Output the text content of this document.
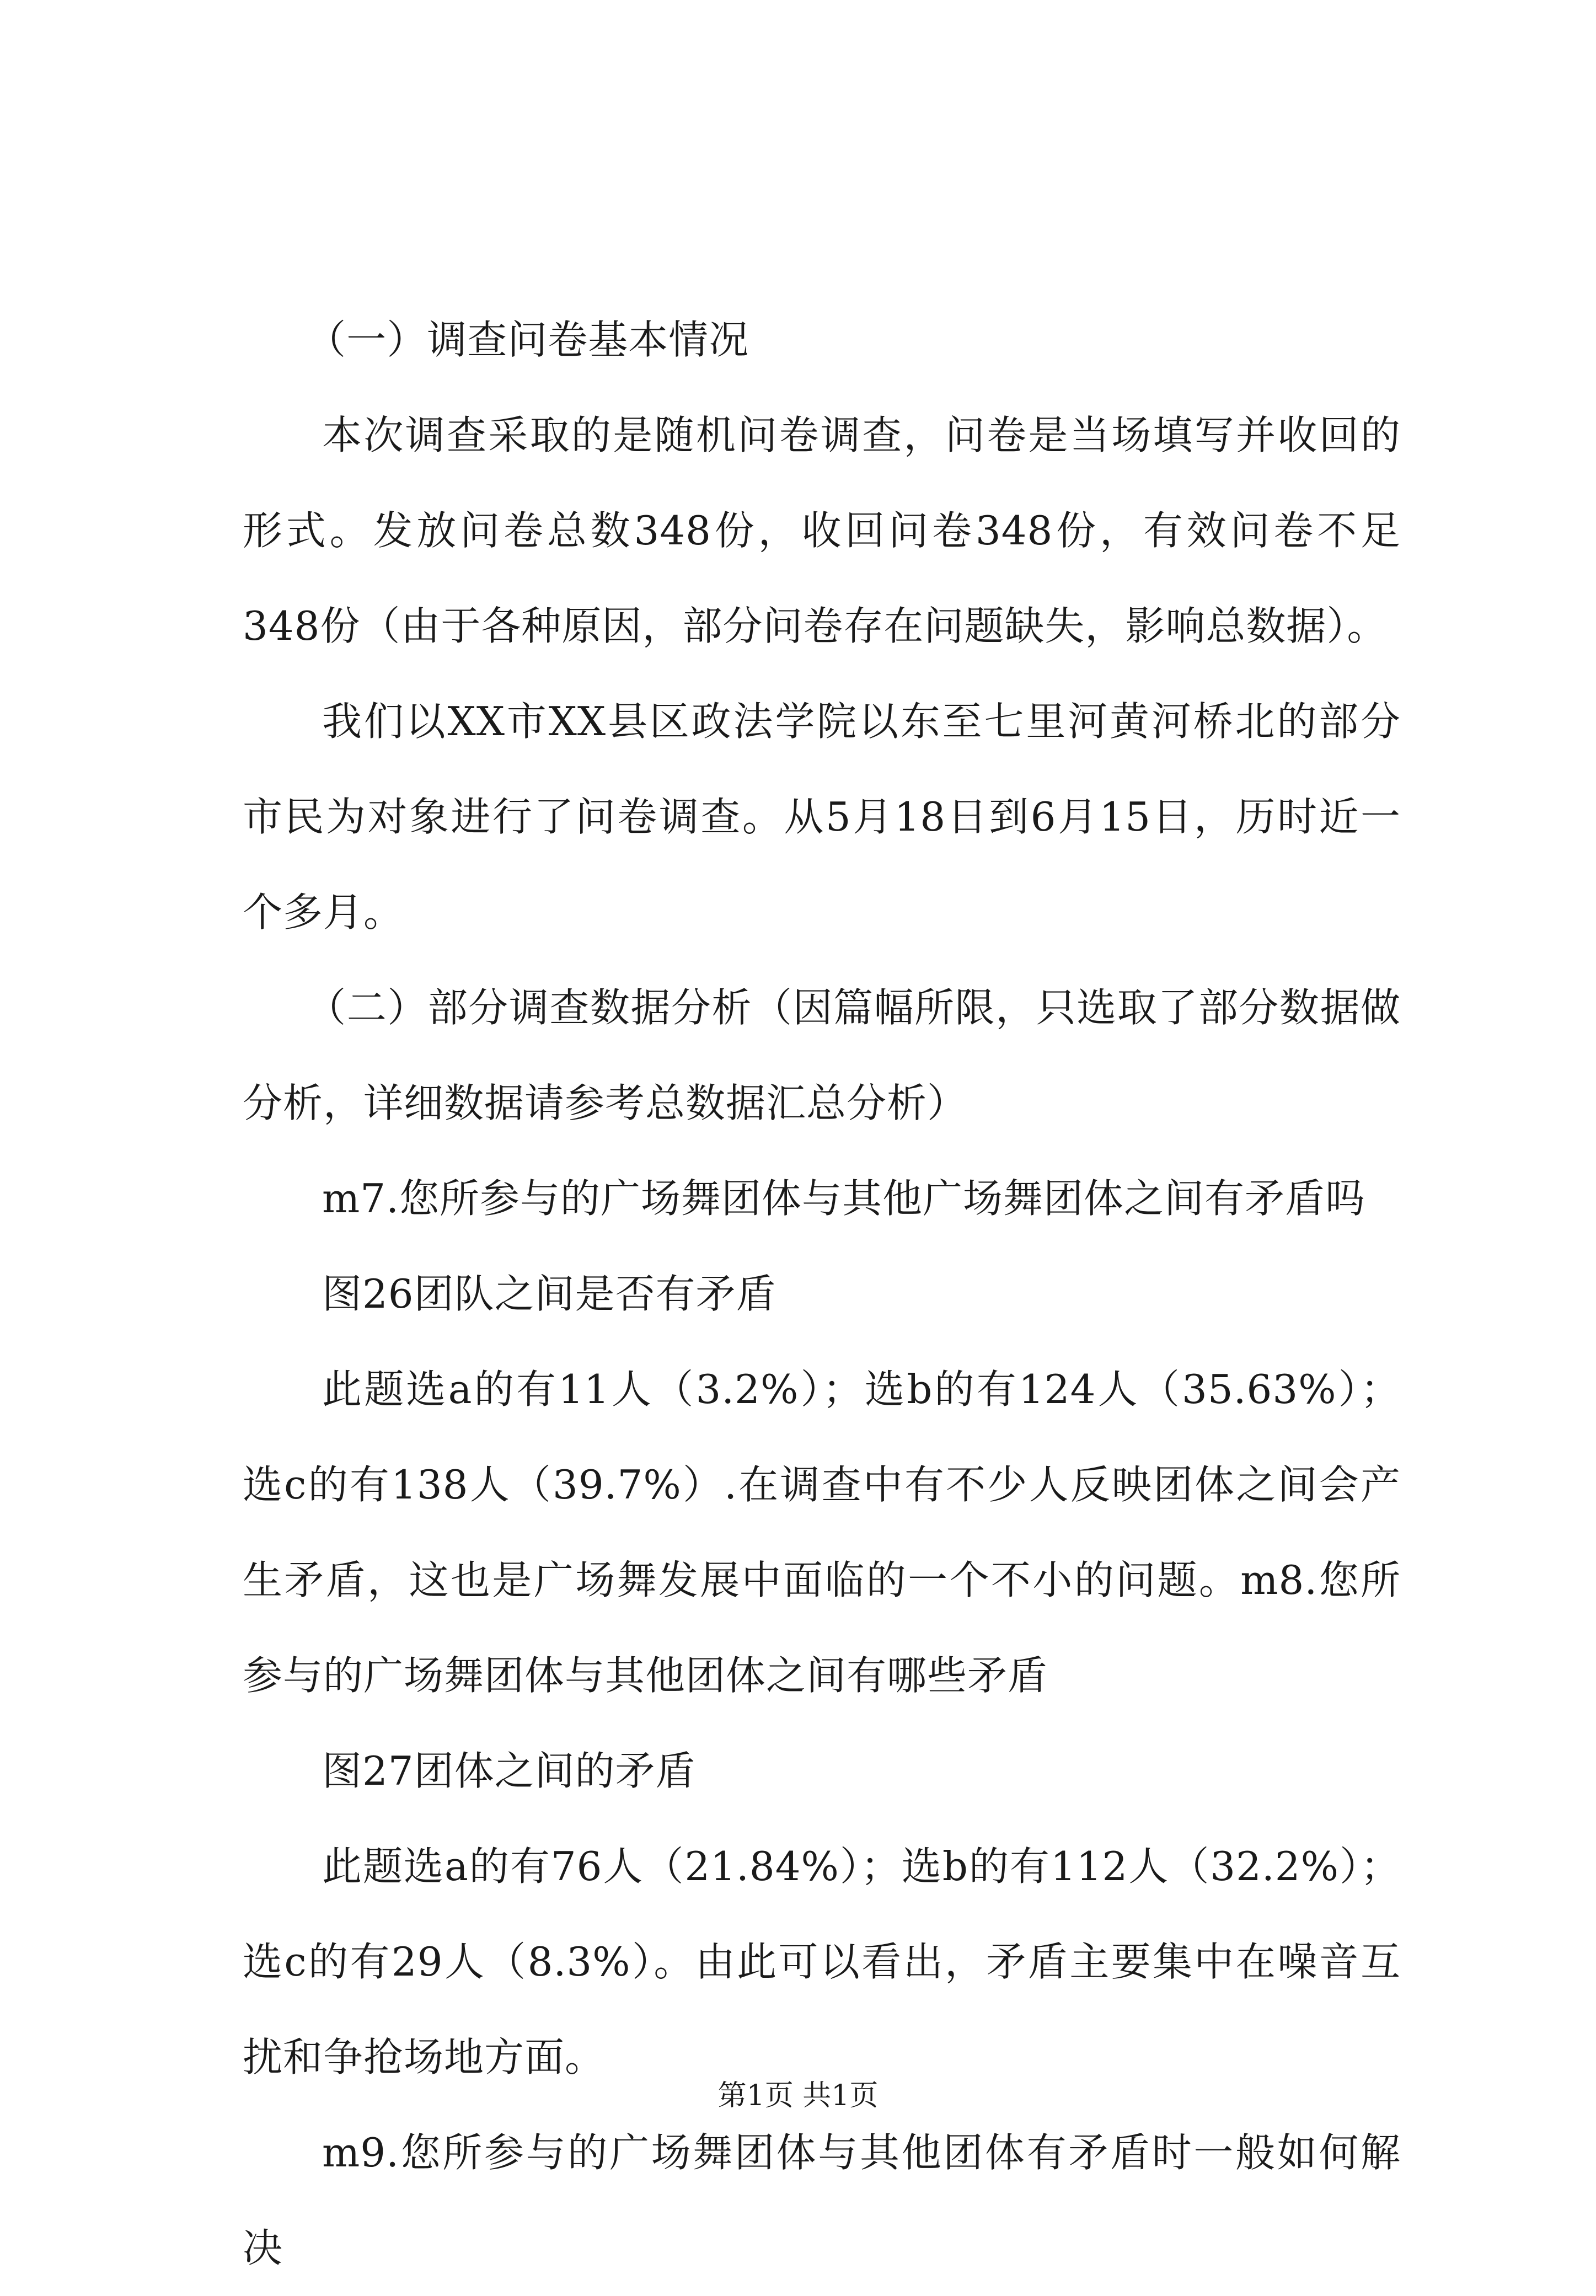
（一）调查问卷基本情况

本次调查采取的是随机问卷调查，问卷是当场填写并收回的形式。发放问卷总数348份，收回问卷348份，有效问卷不足348份（由于各种原因，部分问卷存在问题缺失，影响总数据）。

我们以XX市XX县区政法学院以东至七里河黄河桥北的部分市民为对象进行了问卷调查。从5月18日到6月15日，历时近一个多月。

（二）部分调查数据分析（因篇幅所限，只选取了部分数据做分析，详细数据请参考总数据汇总分析）

m7.您所参与的广场舞团体与其他广场舞团体之间有矛盾吗

图26团队之间是否有矛盾

此题选a的有11人（3.2%）；选b的有124人（35.63%）；选c的有138人（39.7%）.在调查中有不少人反映团体之间会产生矛盾，这也是广场舞发展中面临的一个不小的问题。m8.您所参与的广场舞团体与其他团体之间有哪些矛盾

图27团体之间的矛盾

此题选a的有76人（21.84%）；选b的有112人（32.2%）；选c的有29人（8.3%）。由此可以看出，矛盾主要集中在噪音互扰和争抢场地方面。

m9.您所参与的广场舞团体与其他团体有矛盾时一般如何解决

第1页 共1页
